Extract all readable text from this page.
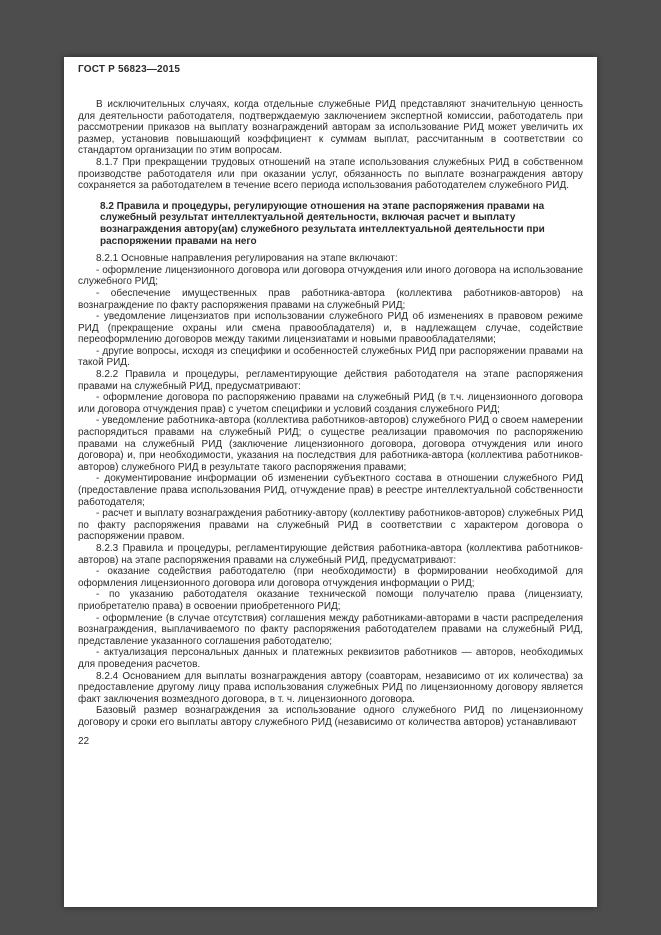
ГОСТ Р 56823—2015

В исключительных случаях, когда отдельные служебные РИД представляют значительную ценность для деятельности работодателя, подтверждаемую заключением экспертной комиссии, работодатель при рассмотрении приказов на выплату вознаграждений авторам за использование РИД может увеличить их размер, установив повышающий коэффициент к суммам выплат, рассчитанным в соответствии со стандартом организации по этим вопросам.

8.1.7 При прекращении трудовых отношений на этапе использования служебных РИД в собственном производстве работодателя или при оказании услуг, обязанность по выплате вознаграждения автору сохраняется за работодателем в течение всего периода использования работодателем служебного РИД.

8.2 Правила и процедуры, регулирующие отношения на этапе распоряжения правами на служебный результат интеллектуальной деятельности, включая расчет и выплату вознаграждения автору(ам) служебного результата интеллектуальной деятельности при распоряжении правами на него

8.2.1 Основные направления регулирования на этапе включают:

- оформление лицензионного договора или договора отчуждения или иного договора на использование служебного РИД;

- обеспечение имущественных прав работника-автора (коллектива работников-авторов) на вознаграждение по факту распоряжения правами на служебный РИД;

- уведомление лицензиатов при использовании служебного РИД об изменениях в правовом режиме РИД (прекращение охраны или смена правообладателя) и, в надлежащем случае, содействие переоформлению договоров между такими лицензиатами и новыми правообладателями;

- другие вопросы, исходя из специфики и особенностей служебных РИД при распоряжении правами на такой РИД.

8.2.2 Правила и процедуры, регламентирующие действия работодателя на этапе распоряжения правами на служебный РИД, предусматривают:

- оформление договора по распоряжению правами на служебный РИД (в т.ч. лицензионного договора или договора отчуждения прав) с учетом специфики и условий создания служебного РИД;

- уведомление работника-автора (коллектива работников-авторов) служебного РИД о своем намерении распорядиться правами на служебный РИД; о существе реализации правомочия по распоряжению правами на служебный РИД (заключение лицензионного договора, договора отчуждения или иного договора) и, при необходимости, указания на последствия для работника-автора (коллектива работников-авторов) служебного РИД в результате такого распоряжения правами;

- документирование информации об изменении субъектного состава в отношении служебного РИД (предоставление права использования РИД, отчуждение прав) в реестре интеллектуальной собственности работодателя;

- расчет и выплату вознаграждения работнику-автору (коллективу работников-авторов) служебных РИД по факту распоряжения правами на служебный РИД в соответствии с характером договора о распоряжении правом.

8.2.3 Правила и процедуры, регламентирующие действия работника-автора (коллектива работников-авторов) на этапе распоряжения правами на служебный РИД, предусматривают:

- оказание содействия работодателю (при необходимости) в формировании необходимой для оформления лицензионного договора или договора отчуждения информации о РИД;

- по указанию работодателя оказание технической помощи получателю права (лицензиату, приобретателю права) в освоении приобретенного РИД;

- оформление (в случае отсутствия) соглашения между работниками-авторами в части распределения вознаграждения, выплачиваемого по факту распоряжения работодателем правами на служебный РИД, представление указанного соглашения работодателю;

- актуализация персональных данных и платежных реквизитов работников — авторов, необходимых для проведения расчетов.

8.2.4 Основанием для выплаты вознаграждения автору (соавторам, независимо от их количества) за предоставление другому лицу права использования служебных РИД по лицензионному договору является факт заключения возмездного договора, в т. ч. лицензионного договора.

Базовый размер вознаграждения за использование одного служебного РИД по лицензионному договору и сроки его выплаты автору служебного РИД (независимо от количества авторов) устанавливают

22
